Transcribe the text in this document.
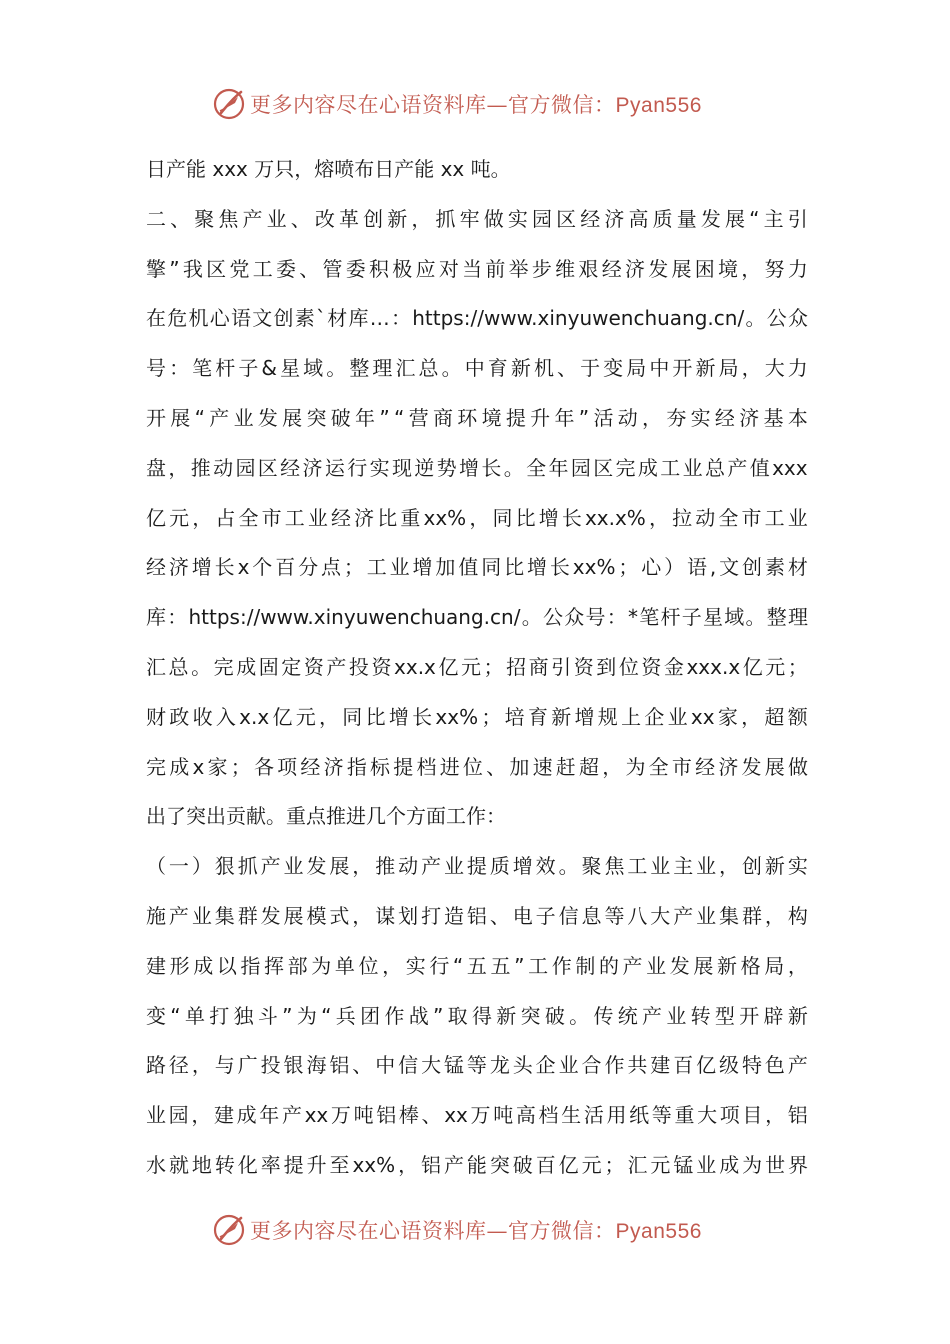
更多内容尽在心语资料库—官方微信：Pyan556
日产能 xxx 万只，熔喷布日产能 xx 吨。
二 、 聚 焦 产 业 、 改 革 创 新 ， 抓 牢 做 实 园 区 经 济 高 质 量 发 展 “ 主 引
擎 ” 我 区 党 工 委 、 管 委 积 极 应 对 当 前 举 步 维 艰 经 济 发 展 困 境 ， 努 力
在 危 机 心 语 文 创 素 ` 材 库 … ： https://www.xinyuwenchuang.cn/ 。 公 众
号 ： 笔 杆 子 & 星 域 。 整 理 汇 总 。 中 育 新 机 、 于 变 局 中 开 新 局 ， 大 力
开 展 “ 产 业 发 展 突 破 年 ” “ 营 商 环 境 提 升 年 ” 活 动 ， 夯 实 经 济 基 本
盘 ， 推 动 园 区 经 济 运 行 实 现 逆 势 增 长 。 全 年 园 区 完 成 工 业 总 产 值 xxx
亿 元 ， 占 全 市 工 业 经 济 比 重 xx% ， 同 比 增 长 xx.x% ， 拉 动 全 市 工 业
经 济 增 长 x 个 百 分 点 ； 工 业 增 加 值 同 比 增 长 xx% ； 心 ） 语 , 文 创 素 材
库 ： https://www.xinyuwenchuang.cn/ 。 公 众 号 ： * 笔 杆 子 星 域 。 整 理
汇 总 。 完 成 固 定 资 产 投 资 xx.x 亿 元 ； 招 商 引 资 到 位 资 金 xxx.x 亿 元 ；
财 政 收 入 x.x 亿 元 ， 同 比 增 长 xx% ； 培 育 新 增 规 上 企 业 xx 家 ， 超 额
完 成 x 家 ； 各 项 经 济 指 标 提 档 进 位 、 加 速 赶 超 ， 为 全 市 经 济 发 展 做
出了突出贡献。重点推进几个方面工作：
（ 一 ） 狠 抓 产 业 发 展 ， 推 动 产 业 提 质 增 效 。 聚 焦 工 业 主 业 ， 创 新 实
施 产 业 集 群 发 展 模 式 ， 谋 划 打 造 铝 、 电 子 信 息 等 八 大 产 业 集 群 ， 构
建 形 成 以 指 挥 部 为 单 位 ， 实 行 “ 五 五 ” 工 作 制 的 产 业 发 展 新 格 局 ，
变 “ 单 打 独 斗 ” 为 “ 兵 团 作 战 ” 取 得 新 突 破 。 传 统 产 业 转 型 开 辟 新
路 径 ， 与 广 投 银 海 铝 、 中 信 大 锰 等 龙 头 企 业 合 作 共 建 百 亿 级 特 色 产
业 园 ， 建 成 年 产 xx 万 吨 铝 棒 、 xx 万 吨 高 档 生 活 用 纸 等 重 大 项 目 ， 铝
水 就 地 转 化 率 提 升 至 xx% ， 铝 产 能 突 破 百 亿 元 ； 汇 元 锰 业 成 为 世 界
更多内容尽在心语资料库—官方微信：Pyan556
